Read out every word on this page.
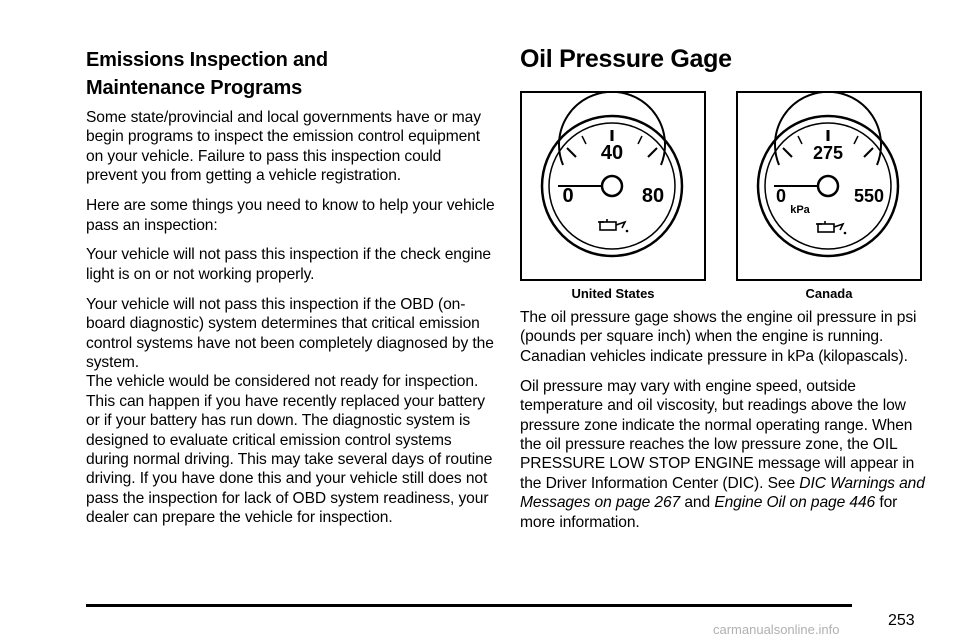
Emissions Inspection and
Maintenance Programs

Some state/provincial and local governments have or may begin programs to inspect the emission control equipment on your vehicle. Failure to pass this inspection could prevent you from getting a vehicle registration.

Here are some things you need to know to help your vehicle pass an inspection:

Your vehicle will not pass this inspection if the check engine light is on or not working properly.

Your vehicle will not pass this inspection if the OBD (on-board diagnostic) system determines that critical emission control systems have not been completely diagnosed by the system.

The vehicle would be considered not ready for inspection. This can happen if you have recently replaced your battery or if your battery has run down. The diagnostic system is designed to evaluate critical emission control systems during normal driving. This may take several days of routine driving. If you have done this and your vehicle still does not pass the inspection for lack of OBD system readiness, your dealer can prepare the vehicle for inspection.

Oil Pressure Gage
40
0	80
275
0	550
kPa
United States	Canada

The oil pressure gage shows the engine oil pressure in psi (pounds per square inch) when the engine is running. Canadian vehicles indicate pressure in kPa (kilopascals).

Oil pressure may vary with engine speed, outside temperature and oil viscosity, but readings above the low pressure zone indicate the normal operating range. When the oil pressure reaches the low pressure zone, the OIL PRESSURE LOW STOP ENGINE message will appear in the Driver Information Center (DIC). See DIC Warnings and Messages on page 267 and Engine Oil on page 446 for more information.

253
carmanualsonline.info
